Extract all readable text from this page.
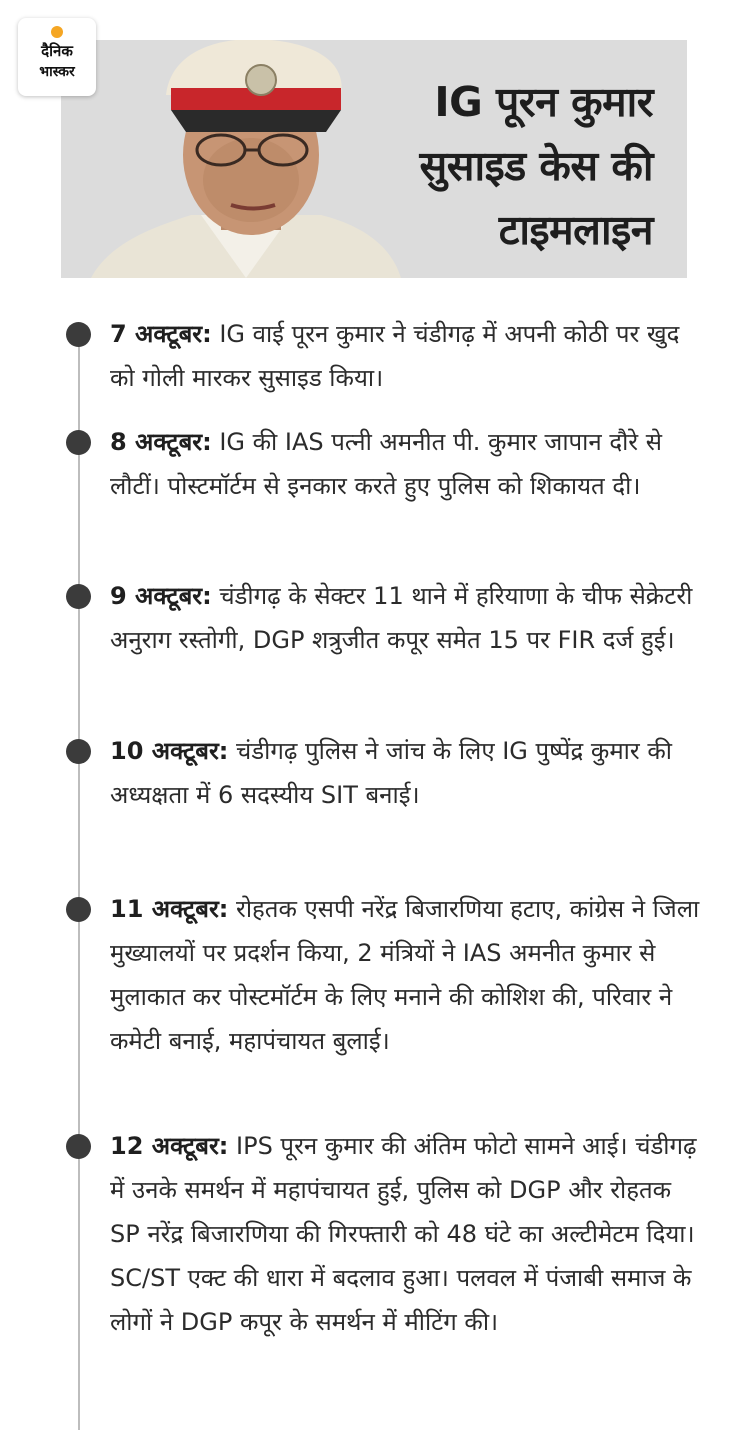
दैनिक
भास्कर
IG पूरन कुमार
सुसाइड केस की
टाइमलाइन
7 अक्टूबर: IG वाई पूरन कुमार ने चंडीगढ़ में अपनी कोठी पर खुद को गोली मारकर सुसाइड किया।
8 अक्टूबर: IG की IAS पत्नी अमनीत पी. कुमार जापान दौरे से लौटीं। पोस्टमॉर्टम से इनकार करते हुए पुलिस को शिकायत दी।
9 अक्टूबर: चंडीगढ़ के सेक्टर 11 थाने में हरियाणा के चीफ सेक्रेटरी अनुराग रस्तोगी, DGP शत्रुजीत कपूर समेत 15 पर FIR दर्ज हुई।
10 अक्टूबर: चंडीगढ़ पुलिस ने जांच के लिए IG पुष्पेंद्र कुमार की अध्यक्षता में 6 सदस्यीय SIT बनाई।
11 अक्टूबर: रोहतक एसपी नरेंद्र बिजारणिया हटाए, कांग्रेस ने जिला मुख्यालयों पर प्रदर्शन किया, 2 मंत्रियों ने IAS अमनीत कुमार से मुलाकात कर पोस्टमॉर्टम के लिए मनाने की कोशिश की, परिवार ने कमेटी बनाई, महापंचायत बुलाई।
12 अक्टूबर: IPS पूरन कुमार की अंतिम फोटो सामने आई। चंडीगढ़ में उनके समर्थन में महापंचायत हुई, पुलिस को DGP और रोहतक SP नरेंद्र बिजारणिया की गिरफ्तारी को 48 घंटे का अल्टीमेटम दिया। SC/ST एक्ट की धारा में बदलाव हुआ। पलवल में पंजाबी समाज के लोगों ने DGP कपूर के समर्थन में मीटिंग की।
